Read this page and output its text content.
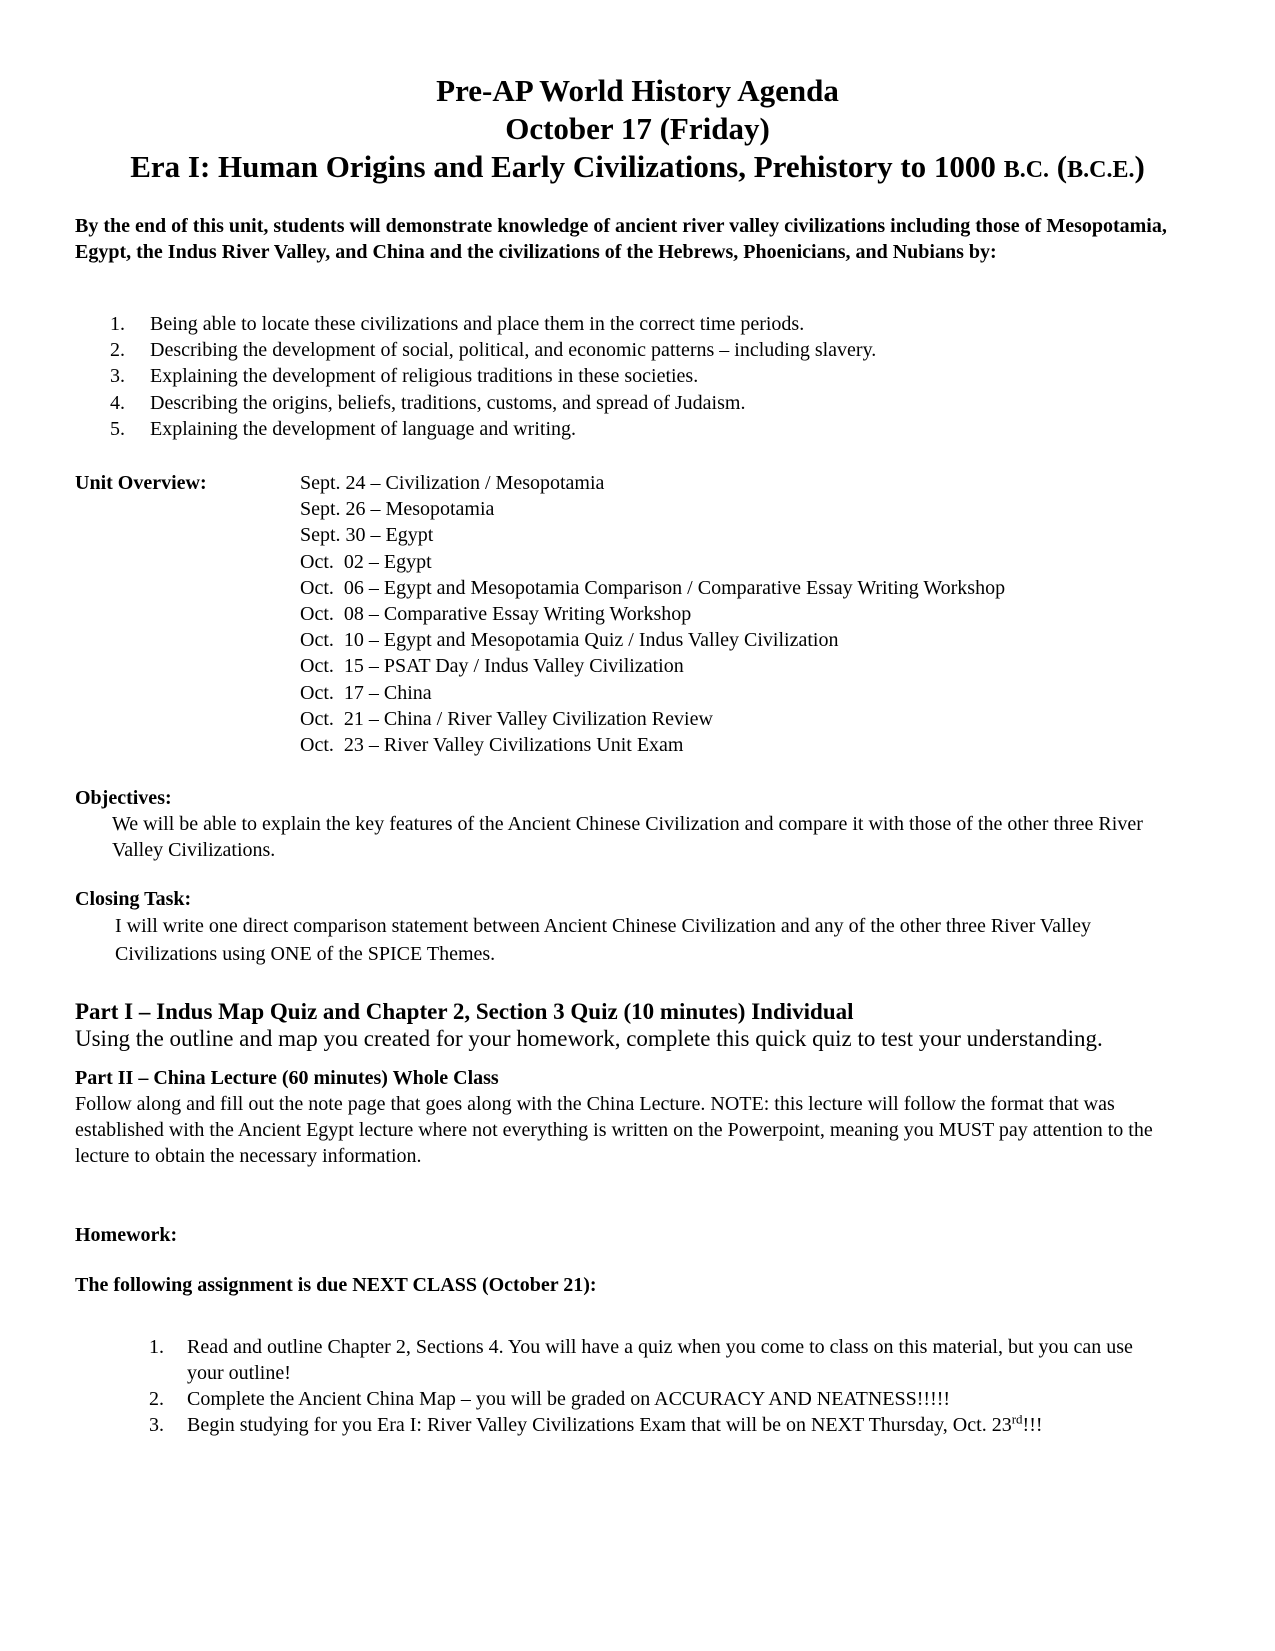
Pre-AP World History Agenda
October 17 (Friday)
Era I: Human Origins and Early Civilizations, Prehistory to 1000 B.C. (B.C.E.)
By the end of this unit, students will demonstrate knowledge of ancient river valley civilizations including those of Mesopotamia, Egypt, the Indus River Valley, and China and the civilizations of the Hebrews, Phoenicians, and Nubians by:
1. Being able to locate these civilizations and place them in the correct time periods.
2. Describing the development of social, political, and economic patterns – including slavery.
3. Explaining the development of religious traditions in these societies.
4. Describing the origins, beliefs, traditions, customs, and spread of Judaism.
5. Explaining the development of language and writing.
Unit Overview:	Sept. 24 – Civilization / Mesopotamia
Sept. 26 – Mesopotamia
Sept. 30 – Egypt
Oct.  02 – Egypt
Oct.  06 – Egypt and Mesopotamia Comparison / Comparative Essay Writing Workshop
Oct.  08 – Comparative Essay Writing Workshop
Oct.  10 – Egypt and Mesopotamia Quiz / Indus Valley Civilization
Oct.  15 – PSAT Day / Indus Valley Civilization
Oct.  17 – China
Oct.  21 – China / River Valley Civilization Review
Oct.  23 – River Valley Civilizations Unit Exam
Objectives:
We will be able to explain the key features of the Ancient Chinese Civilization and compare it with those of the other three River Valley Civilizations.
Closing Task:
I will write one direct comparison statement between Ancient Chinese Civilization and any of the other three River Valley Civilizations using ONE of the SPICE Themes.
Part I – Indus Map Quiz and Chapter 2, Section 3 Quiz (10 minutes) Individual
Using the outline and map you created for your homework, complete this quick quiz to test your understanding.
Part II – China Lecture (60 minutes) Whole Class
Follow along and fill out the note page that goes along with the China Lecture. NOTE: this lecture will follow the format that was established with the Ancient Egypt lecture where not everything is written on the Powerpoint, meaning you MUST pay attention to the lecture to obtain the necessary information.
Homework:
The following assignment is due NEXT CLASS (October 21):
1. Read and outline Chapter 2, Sections 4. You will have a quiz when you come to class on this material, but you can use your outline!
2. Complete the Ancient China Map – you will be graded on ACCURACY AND NEATNESS!!!!!
3. Begin studying for you Era I: River Valley Civilizations Exam that will be on NEXT Thursday, Oct. 23rd!!!
